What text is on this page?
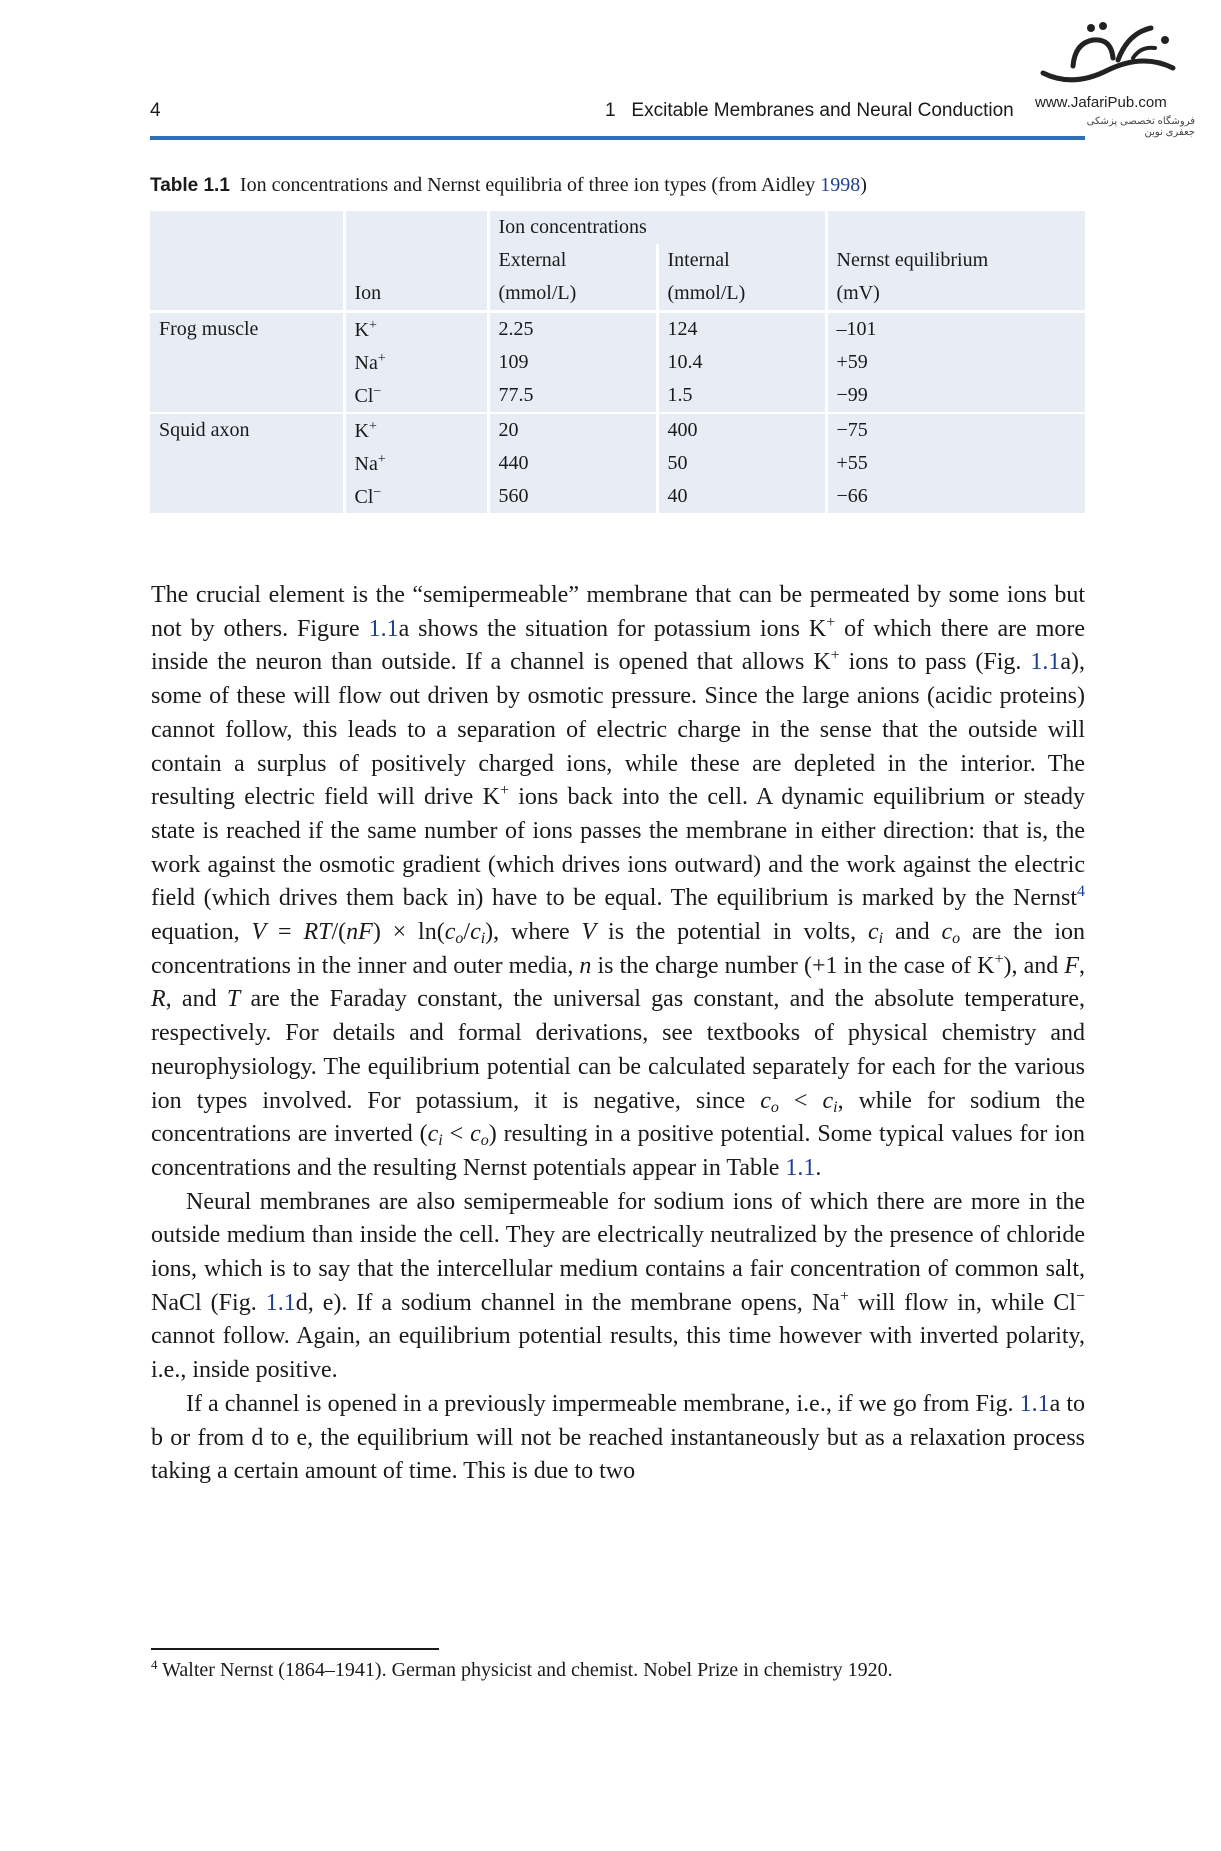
4	1 Excitable Membranes and Neural Conduction www.JafariPub.com
فروشگاه تخصصی پزشکی جعفری نوین
Table 1.1 Ion concentrations and Nernst equilibria of three ion types (from Aidley 1998)
		Ion concentrations		
		External	Internal	Nernst equilibrium
	Ion	(mmol/L)	(mmol/L)	(mV)
Frog muscle	K+	2.25	124	–101
	Na+	109	10.4	+59
	Cl−	77.5	1.5	−99
Squid axon	K+	20	400	−75
	Na+	440	50	+55
	Cl−	560	40	−66

The crucial element is the “semipermeable” membrane that can be permeated by some ions but not by others. Figure 1.1a shows the situation for potassium ions K+ of which there are more inside the neuron than outside. If a channel is opened that allows K+ ions to pass (Fig. 1.1a), some of these will flow out driven by osmotic pressure. Since the large anions (acidic proteins) cannot follow, this leads to a separation of electric charge in the sense that the outside will contain a surplus of positively charged ions, while these are depleted in the interior. The resulting electric field will drive K+ ions back into the cell. A dynamic equilibrium or steady state is reached if the same number of ions passes the membrane in either direction: that is, the work against the osmotic gradient (which drives ions outward) and the work against the electric field (which drives them back in) have to be equal. The equilibrium is marked by the Nernst$^4$ equation, $V = RT/(nF) \times \ln(c_o/c_i)$, where V is the potential in volts, $c_i$ and $c_o$ are the ion concentrations in the inner and outer media, n is the charge number (+1 in the case of K+), and F, R, and T are the Faraday constant, the universal gas constant, and the absolute temperature, respectively. For details and formal derivations, see textbooks of physical chemistry and neurophysiology. The equilibrium potential can be calculated separately for each for the various ion types involved. For potassium, it is negative, since $c_o < c_i$, while for sodium the concentrations are inverted $(c_i < c_o)$ resulting in a positive potential. Some typical values for ion concentrations and the resulting Nernst potentials appear in Table 1.1.

Neural membranes are also semipermeable for sodium ions of which there are more in the outside medium than inside the cell. They are electrically neutralized by the presence of chloride ions, which is to say that the intercellular medium contains a fair concentration of common salt, NaCl (Fig. 1.1d, e). If a sodium channel in the membrane opens, Na+ will flow in, while Cl− cannot follow. Again, an equilibrium potential results, this time however with inverted polarity, i.e., inside positive.

If a channel is opened in a previously impermeable membrane, i.e., if we go from Fig. 1.1a to b or from d to e, the equilibrium will not be reached instantaneously but as a relaxation process taking a certain amount of time. This is due to two

$^4$ Walter Nernst (1864–1941). German physicist and chemist. Nobel Prize in chemistry 1920.
